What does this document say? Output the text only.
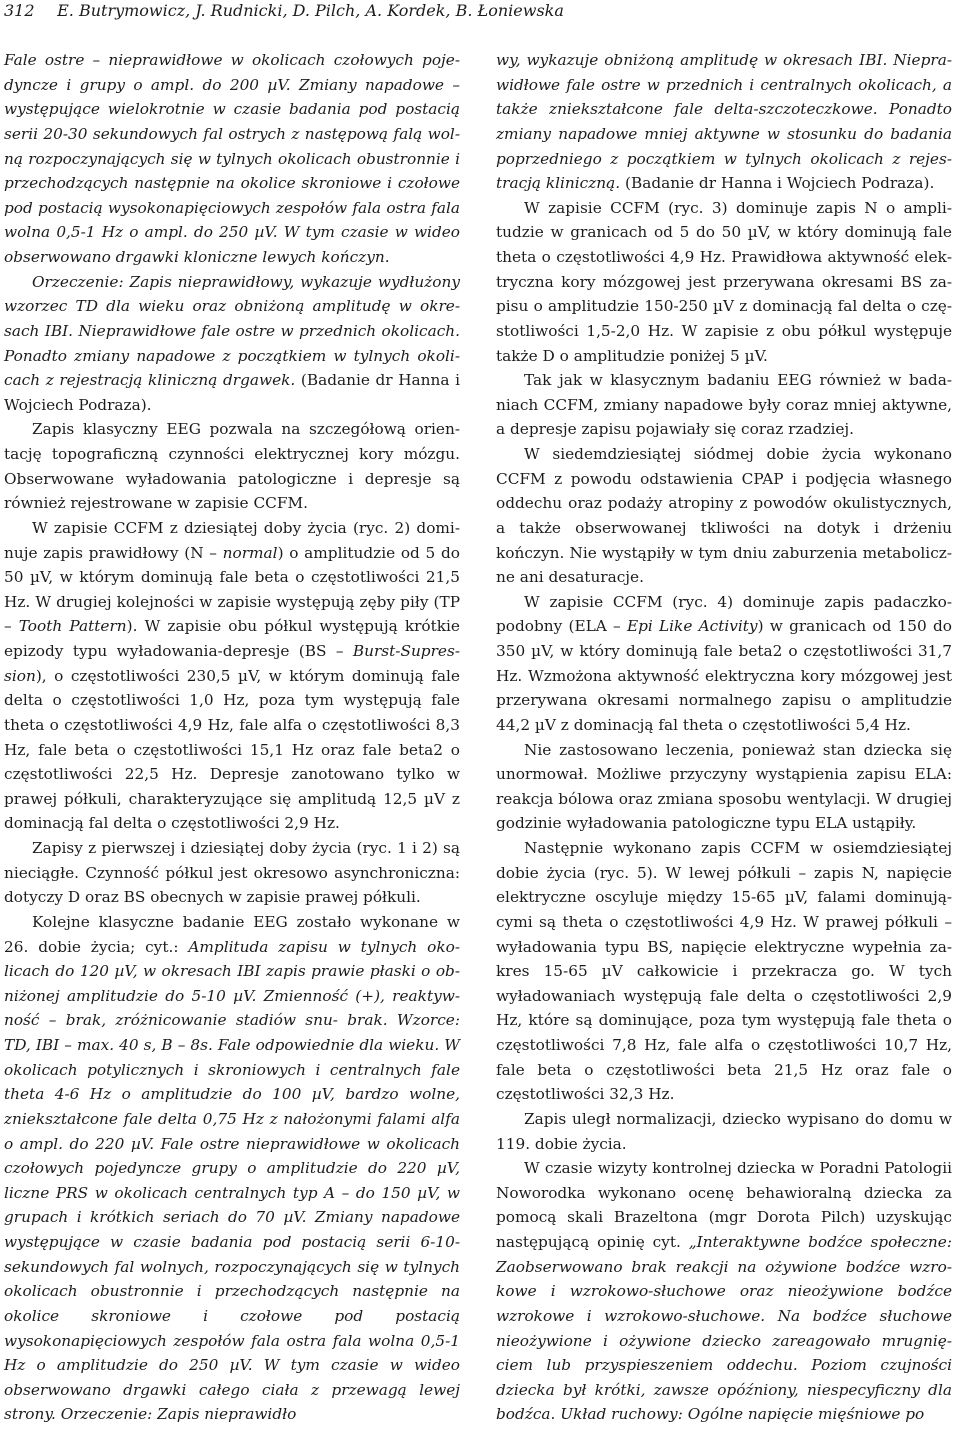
312 E. Butrymowicz, J. Rudnicki, D. Pilch, A. Kordek, B. Łoniewska

Fale ostre – nieprawidłowe w okolicach czołowych pojedyncze i grupy o ampl. do 200 µV. Zmiany napadowe – występujące wielokrotnie w czasie badania pod postacią serii 20-30 sekundowych fal ostrych z następową falą wolną rozpoczynających się w tylnych okolicach obustronnie i przechodzących następnie na okolice skroniowe i czołowe pod postacią wysokonapięciowych zespołów fala ostra fala wolna 0,5-1 Hz o ampl. do 250 µV. W tym czasie w wideo obserwowano drgawki kloniczne lewych kończyn.

Orzeczenie: Zapis nieprawidłowy, wykazuje wydłużony wzorzec TD dla wieku oraz obniżoną amplitudę w okresach IBI. Nieprawidłowe fale ostre w przednich okolicach. Ponadto zmiany napadowe z początkiem w tylnych okolicach z rejestracją kliniczną drgawek. (Badanie dr Hanna i Wojciech Podraza).

Zapis klasyczny EEG pozwala na szczegółową orientację topograficzną czynności elektrycznej kory mózgu. Obserwowane wyładowania patologiczne i depresje są również rejestrowane w zapisie CCFM.

W zapisie CCFM z dziesiątej doby życia (ryc. 2) dominuje zapis prawidłowy (N – normal) o amplitudzie od 5 do 50 µV, w którym dominują fale beta o częstotliwości 21,5 Hz. W drugiej kolejności w zapisie występują zęby piły (TP – Tooth Pattern). W zapisie obu półkul występują krótkie epizody typu wyładowania-depresje (BS – Burst-Supression), o częstotliwości 230,5 µV, w którym dominują fale delta o częstotliwości 1,0 Hz, poza tym występują fale theta o częstotliwości 4,9 Hz, fale alfa o częstotliwości 8,3 Hz, fale beta o częstotliwości 15,1 Hz oraz fale beta2 o częstotliwości 22,5 Hz. Depresje zanotowano tylko w prawej półkuli, charakteryzujące się amplitudą 12,5 µV z dominacją fal delta o częstotliwości 2,9 Hz.

Zapisy z pierwszej i dziesiątej doby życia (ryc. 1 i 2) są nieciągłe. Czynność półkul jest okresowo asynchroniczna: dotyczy D oraz BS obecnych w zapisie prawej półkuli.

Kolejne klasyczne badanie EEG zostało wykonane w 26. dobie życia; cyt.: Amplituda zapisu w tylnych okolicach do 120 µV, w okresach IBI zapis prawie płaski o obniżonej amplitudzie do 5-10 µV. Zmienność (+), reaktywność – brak, zróżnicowanie stadiów snu- brak. Wzorce: TD, IBI – max. 40 s, B – 8s. Fale odpowiednie dla wieku. W okolicach potylicznych i skroniowych i centralnych fale theta 4-6 Hz o amplitudzie do 100 µV, bardzo wolne, zniekształcone fale delta 0,75 Hz z nałożonymi falami alfa o ampl. do 220 µV. Fale ostre nieprawidłowe w okolicach czołowych pojedyncze grupy o amplitudzie do 220 µV, liczne PRS w okolicach centralnych typ A – do 150 µV, w grupach i krótkich seriach do 70 µV. Zmiany napadowe występujące w czasie badania pod postacią serii 6-10-sekundowych fal wolnych, rozpoczynających się w tylnych okolicach obustronnie i przechodzących następnie na okolice skroniowe i czołowe pod postacią wysokonapięciowych zespołów fala ostra fala wolna 0,5-1 Hz o amplitudzie do 250 µV. W tym czasie w wideo obserwowano drgawki całego ciała z przewagą lewej strony. Orzeczenie: Zapis nieprawidło

wy, wykazuje obniżoną amplitudę w okresach IBI. Nieprawidłowe fale ostre w przednich i centralnych okolicach, a także zniekształcone fale delta-szczoteczkowe. Ponadto zmiany napadowe mniej aktywne w stosunku do badania poprzedniego z początkiem w tylnych okolicach z rejestracją kliniczną. (Badanie dr Hanna i Wojciech Podraza).

W zapisie CCFM (ryc. 3) dominuje zapis N o amplitudzie w granicach od 5 do 50 µV, w który dominują fale theta o częstotliwości 4,9 Hz. Prawidłowa aktywność elektryczna kory mózgowej jest przerywana okresami BS zapisu o amplitudzie 150-250 µV z dominacją fal delta o częstotliwości 1,5-2,0 Hz. W zapisie z obu półkul występuje także D o amplitudzie poniżej 5 µV.

Tak jak w klasycznym badaniu EEG również w badaniach CCFM, zmiany napadowe były coraz mniej aktywne, a depresje zapisu pojawiały się coraz rzadziej.

W siedemdziesiątej siódmej dobie życia wykonano CCFM z powodu odstawienia CPAP i podjęcia własnego oddechu oraz podaży atropiny z powodów okulistycznych, a także obserwowanej tkliwości na dotyk i drżeniu kończyn. Nie wystąpiły w tym dniu zaburzenia metaboliczne ani desaturacje.

W zapisie CCFM (ryc. 4) dominuje zapis padaczkopodobny (ELA – Epi Like Activity) w granicach od 150 do 350 µV, w który dominują fale beta2 o częstotliwości 31,7 Hz. Wzmożona aktywność elektryczna kory mózgowej jest przerywana okresami normalnego zapisu o amplitudzie 44,2 µV z dominacją fal theta o częstotliwości 5,4 Hz.

Nie zastosowano leczenia, ponieważ stan dziecka się unormował. Możliwe przyczyny wystąpienia zapisu ELA: reakcja bólowa oraz zmiana sposobu wentylacji. W drugiej godzinie wyładowania patologiczne typu ELA ustąpiły.

Następnie wykonano zapis CCFM w osiemdziesiątej dobie życia (ryc. 5). W lewej półkuli – zapis N, napięcie elektryczne oscyluje między 15-65 µV, falami dominującymi są theta o częstotliwości 4,9 Hz. W prawej półkuli – wyładowania typu BS, napięcie elektryczne wypełnia zakres 15-65 µV całkowicie i przekracza go. W tych wyładowaniach występują fale delta o częstotliwości 2,9 Hz, które są dominujące, poza tym występują fale theta o częstotliwości 7,8 Hz, fale alfa o częstotliwości 10,7 Hz, fale beta o częstotliwości beta 21,5 Hz oraz fale o częstotliwości 32,3 Hz.

Zapis uległ normalizacji, dziecko wypisano do domu w 119. dobie życia.

W czasie wizyty kontrolnej dziecka w Poradni Patologii Noworodka wykonano ocenę behawioralną dziecka za pomocą skali Brazeltona (mgr Dorota Pilch) uzyskując następującą opinię cyt. „Interaktywne bodźce społeczne: Zaobserwowano brak reakcji na ożywione bodźce wzrokowe i wzrokowo-słuchowe oraz nieożywione bodźce wzrokowe i wzrokowo-słuchowe. Na bodźce słuchowe nieożywione i ożywione dziecko zareagowało mrugnięciem lub przyspieszeniem oddechu. Poziom czujności dziecka był krótki, zawsze opóźniony, niespecyficzny dla bodźca. Układ ruchowy: Ogólne napięcie mięśniowe po
